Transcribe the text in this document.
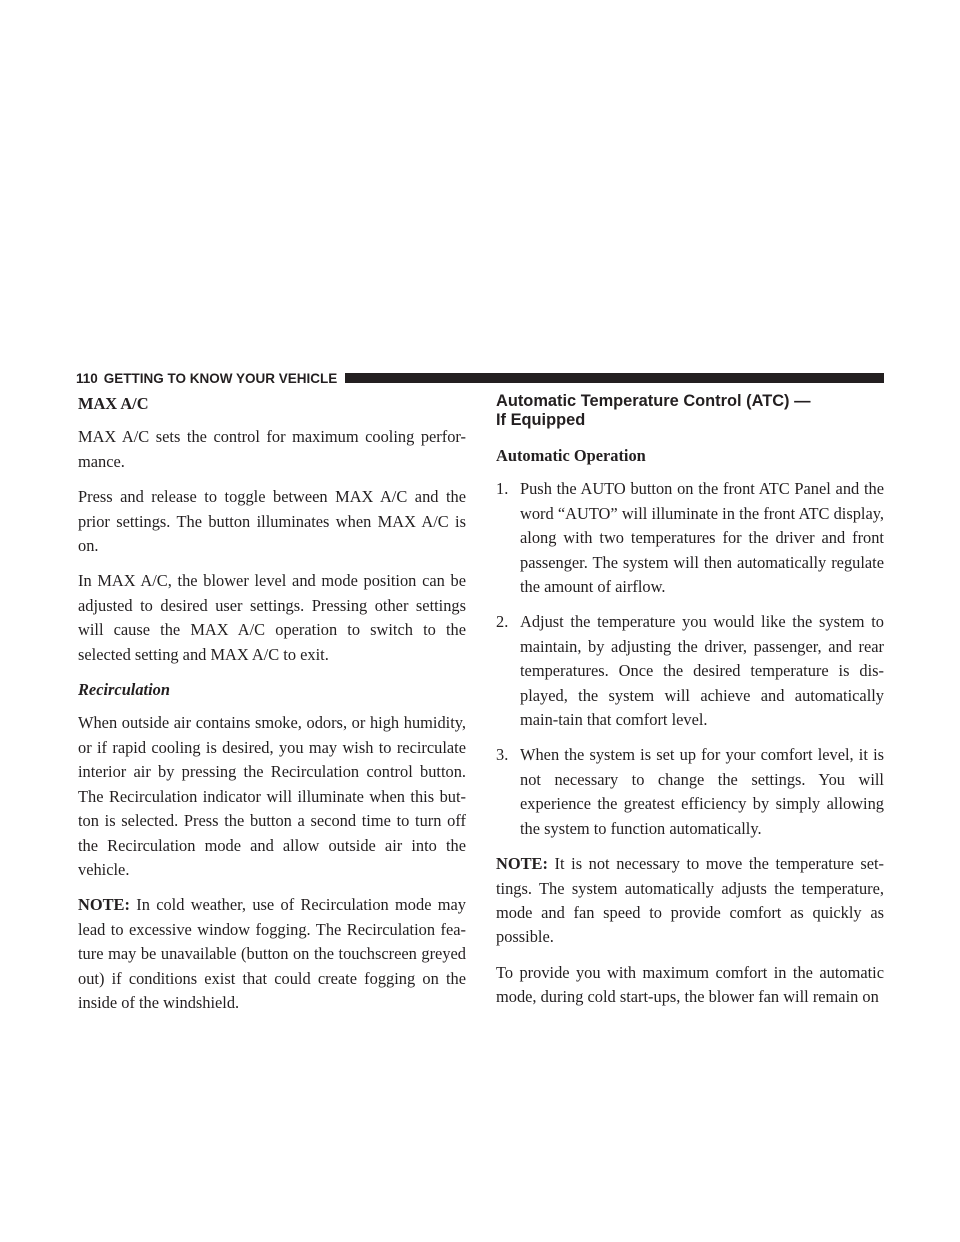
110 GETTING TO KNOW YOUR VEHICLE
MAX A/C

MAX A/C sets the control for maximum cooling perfor-mance.

Press and release to toggle between MAX A/C and the prior settings. The button illuminates when MAX A/C is on.

In MAX A/C, the blower level and mode position can be adjusted to desired user settings. Pressing other settings will cause the MAX A/C operation to switch to the selected setting and MAX A/C to exit.

Recirculation

When outside air contains smoke, odors, or high humidity, or if rapid cooling is desired, you may wish to recirculate interior air by pressing the Recirculation control button. The Recirculation indicator will illuminate when this but-ton is selected. Press the button a second time to turn off the Recirculation mode and allow outside air into the vehicle.

NOTE: In cold weather, use of Recirculation mode may lead to excessive window fogging. The Recirculation fea-ture may be unavailable (button on the touchscreen greyed out) if conditions exist that could create fogging on the inside of the windshield.

Automatic Temperature Control (ATC) —
If Equipped
Automatic Operation
1. Push the AUTO button on the front ATC Panel and the word “AUTO” will illuminate in the front ATC display, along with two temperatures for the driver and front passenger. The system will then automatically regulate the amount of airflow.
2. Adjust the temperature you would like the system to maintain, by adjusting the driver, passenger, and rear temperatures. Once the desired temperature is dis-played, the system will achieve and automatically main-tain that comfort level.
3. When the system is set up for your comfort level, it is not necessary to change the settings. You will experience the greatest efficiency by simply allowing the system to function automatically.

NOTE: It is not necessary to move the temperature set-tings. The system automatically adjusts the temperature, mode and fan speed to provide comfort as quickly as possible.

To provide you with maximum comfort in the automatic mode, during cold start-ups, the blower fan will remain on
